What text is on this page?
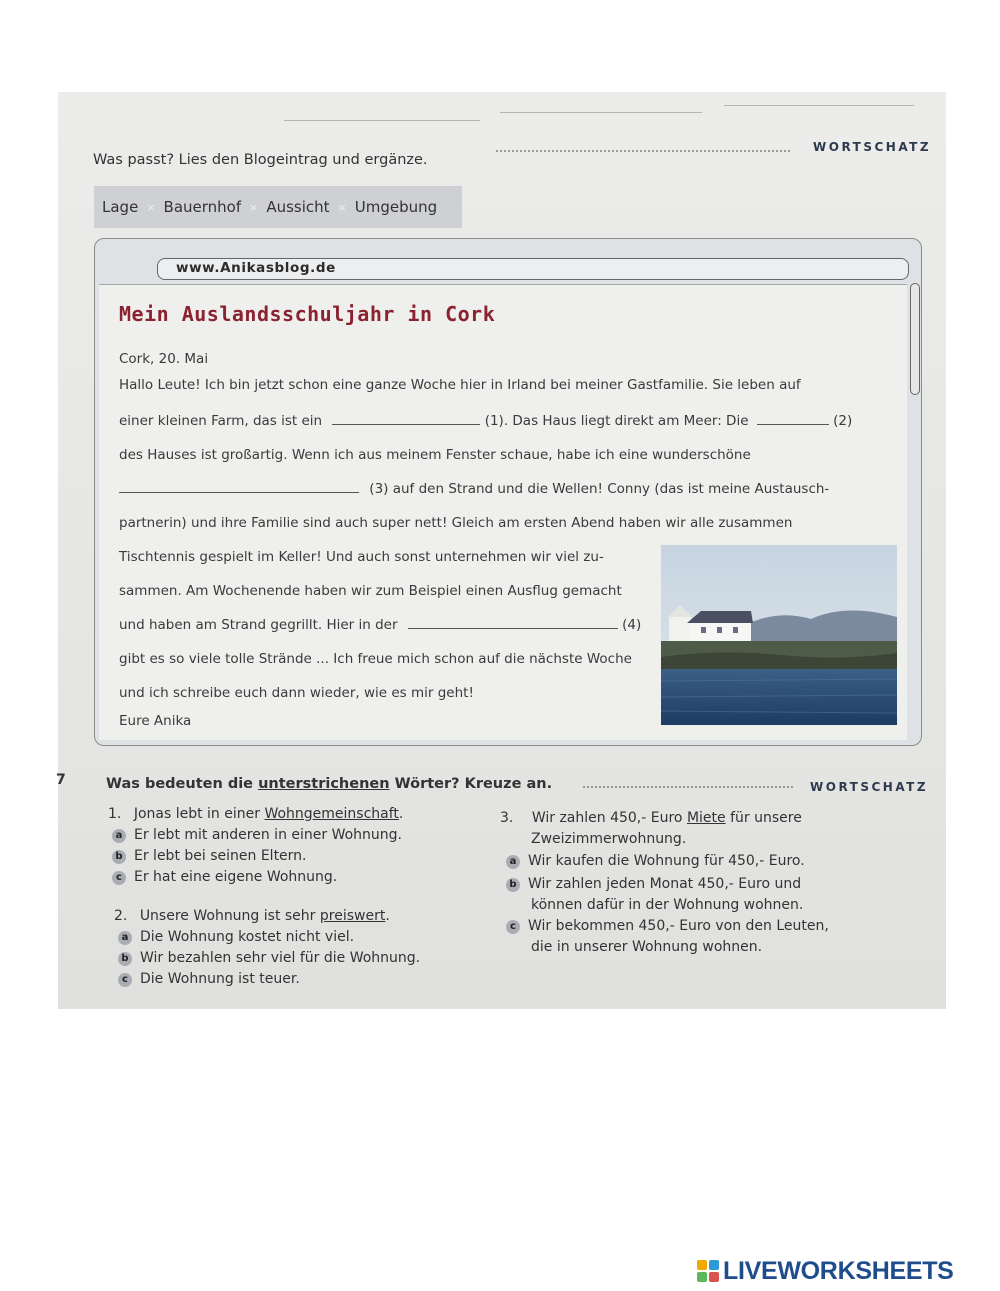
Was passt? Lies den Blogeintrag und ergänze.
WORTSCHATZ
Lage × Bauernhof × Aussicht × Umgebung
www.Anikasblog.de
Mein Auslandsschuljahr in Cork
Cork, 20. Mai
Hallo Leute! Ich bin jetzt schon eine ganze Woche hier in Irland bei meiner Gastfamilie. Sie leben auf
einer kleinen Farm, das ist ein	(1). Das Haus liegt direkt am Meer: Die	(2)
des Hauses ist großartig. Wenn ich aus meinem Fenster schaue, habe ich eine wunderschöne
(3) auf den Strand und die Wellen! Conny (das ist meine Austausch-
partnerin) und ihre Familie sind auch super nett! Gleich am ersten Abend haben wir alle zusammen
Tischtennis gespielt im Keller! Und auch sonst unternehmen wir viel zu-
sammen. Am Wochenende haben wir zum Beispiel einen Ausflug gemacht
und haben am Strand gegrillt. Hier in der	(4)
gibt es so viele tolle Strände ... Ich freue mich schon auf die nächste Woche
und ich schreibe euch dann wieder, wie es mir geht!
Eure Anika
7	Was bedeuten die unterstrichenen Wörter? Kreuze an.	WORTSCHATZ
1. Jonas lebt in einer Wohngemeinschaft.
a Er lebt mit anderen in einer Wohnung.
b Er lebt bei seinen Eltern.
c Er hat eine eigene Wohnung.
2. Unsere Wohnung ist sehr preiswert.
a Die Wohnung kostet nicht viel.
b Wir bezahlen sehr viel für die Wohnung.
c Die Wohnung ist teuer.
3. Wir zahlen 450,- Euro Miete für unsere
Zweizimmerwohnung.
a Wir kaufen die Wohnung für 450,- Euro.
b Wir zahlen jeden Monat 450,- Euro und
können dafür in der Wohnung wohnen.
c Wir bekommen 450,- Euro von den Leuten,
die in unserer Wohnung wohnen.
LIVEWORKSHEETS
